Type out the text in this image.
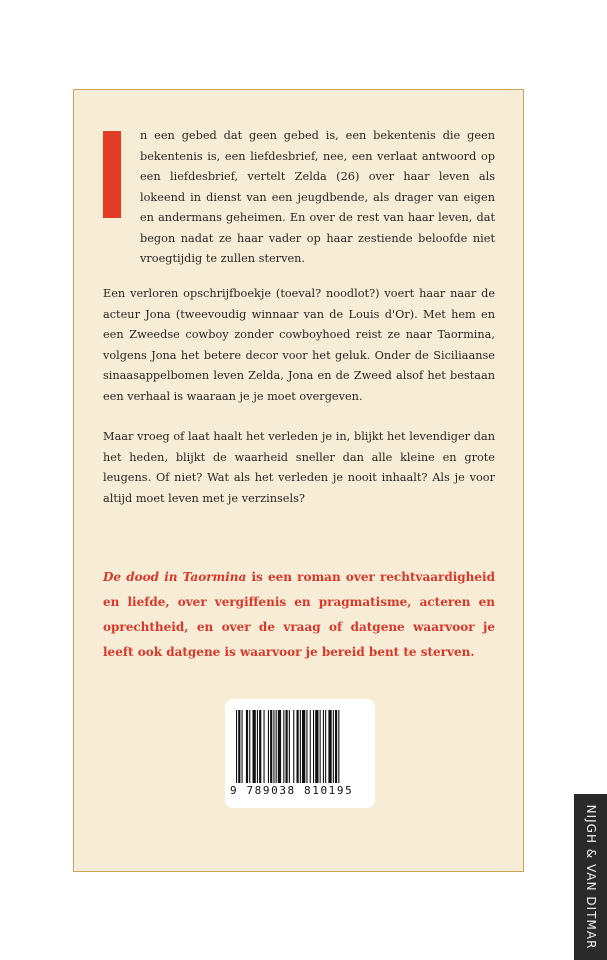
n een gebed dat geen gebed is, een bekentenis die geen bekentenis is, een liefdesbrief, nee, een verlaat antwoord op een liefdesbrief, vertelt Zelda (26) over haar leven als lokeend in dienst van een jeugdbende, als drager van eigen en andermans geheimen. En over de rest van haar leven, dat begon nadat ze haar vader op haar zestiende beloofde niet vroegtijdig te zullen sterven.

Een verloren opschrijfboekje (toeval? noodlot?) voert haar naar de acteur Jona (tweevoudig winnaar van de Louis d'Or). Met hem en een Zweedse cowboy zonder cowboyhoed reist ze naar Taormina, volgens Jona het betere decor voor het geluk. Onder de Siciliaanse sinaasappelbomen leven Zelda, Jona en de Zweed alsof het bestaan een verhaal is waaraan je je moet overgeven.

Maar vroeg of laat haalt het verleden je in, blijkt het levendiger dan het heden, blijkt de waarheid sneller dan alle kleine en grote leugens. Of niet? Wat als het verleden je nooit inhaalt? Als je voor altijd moet leven met je verzinsels?

De dood in Taormina is een roman over rechtvaardigheid en liefde, over vergiffenis en pragmatisme, acteren en oprechtheid, en over de vraag of datgene waarvoor je leeft ook datgene is waarvoor je bereid bent te sterven.

9 789038 810195
NIJGH & VAN DITMAR
